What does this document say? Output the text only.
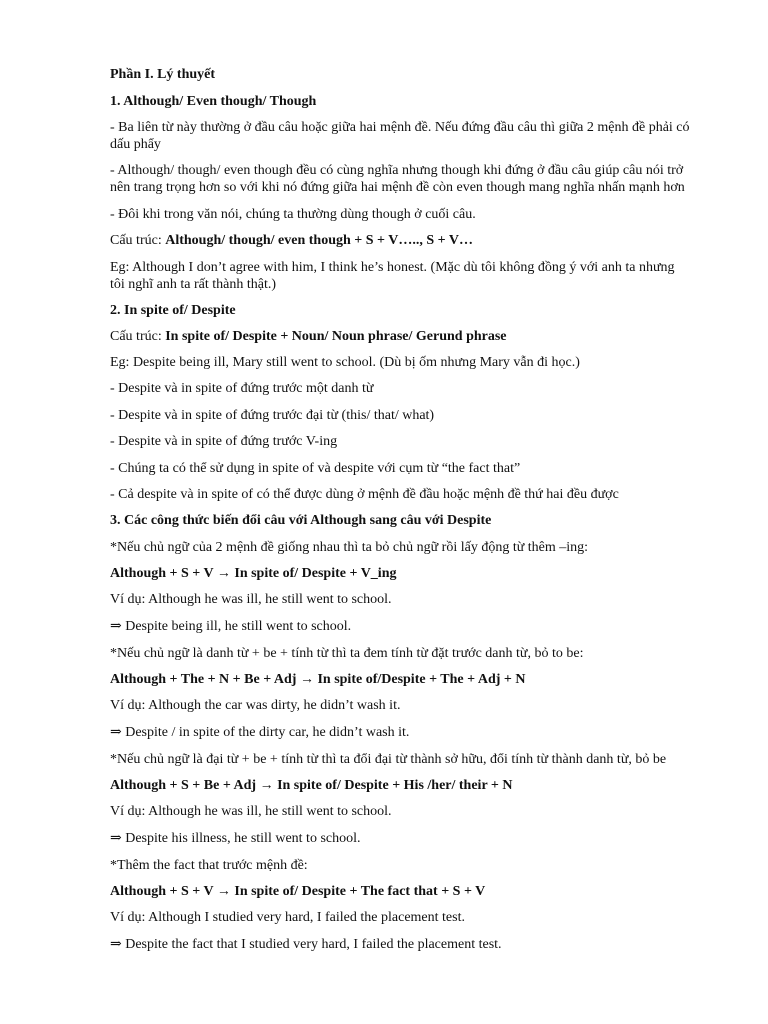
Phần I. Lý thuyết

1. Although/ Even though/ Though

- Ba liên từ này thường ở đầu câu hoặc giữa hai mệnh đề. Nếu đứng đầu câu thì giữa 2 mệnh đề phải có dấu phẩy

- Although/ though/ even though đều có cùng nghĩa nhưng though khi đứng ở đầu câu giúp câu nói trở nên trang trọng hơn so với khi nó đứng giữa hai mệnh đề còn even though mang nghĩa nhấn mạnh hơn

- Đôi khi trong văn nói, chúng ta thường dùng though ở cuối câu.

Cấu trúc: Although/ though/ even though + S + V….., S + V…

Eg: Although I don’t agree with him, I think he’s honest. (Mặc dù tôi không đồng ý với anh ta nhưng tôi nghĩ anh ta rất thành thật.)

2. In spite of/ Despite

Cấu trúc: In spite of/ Despite + Noun/ Noun phrase/ Gerund phrase

Eg: Despite being ill, Mary still went to school. (Dù bị ốm nhưng Mary vẫn đi học.)

- Despite và in spite of đứng trước một danh từ

- Despite và in spite of đứng trước đại từ (this/ that/ what)

- Despite và in spite of đứng trước V-ing

- Chúng ta có thể sử dụng in spite of và despite với cụm từ “the fact that”

- Cả despite và in spite of có thể được dùng ở mệnh đề đầu hoặc mệnh đề thứ hai đều được

3. Các công thức biến đổi câu với Although sang câu với Despite

*Nếu chủ ngữ của 2 mệnh đề giống nhau thì ta bỏ chủ ngữ rồi lấy động từ thêm –ing:

Although + S + V → In spite of/ Despite + V_ing

Ví dụ: Although he was ill, he still went to school.

⇒ Despite being ill, he still went to school.

*Nếu chủ ngữ là danh từ + be + tính từ thì ta đem tính từ đặt trước danh từ, bỏ to be:

Although + The + N + Be + Adj → In spite of/Despite + The + Adj + N

Ví dụ: Although the car was dirty, he didn’t wash it.

⇒ Despite / in spite of the dirty car, he didn’t wash it.

*Nếu chủ ngữ là đại từ + be + tính từ thì ta đổi đại từ thành sở hữu, đổi tính từ thành danh từ, bỏ be

Although + S + Be + Adj → In spite of/ Despite + His /her/ their + N

Ví dụ: Although he was ill, he still went to school.

⇒ Despite his illness, he still went to school.

*Thêm the fact that trước mệnh đề:

Although + S + V → In spite of/ Despite + The fact that + S + V

Ví dụ: Although I studied very hard, I failed the placement test.

⇒ Despite the fact that I studied very hard, I failed the placement test.
